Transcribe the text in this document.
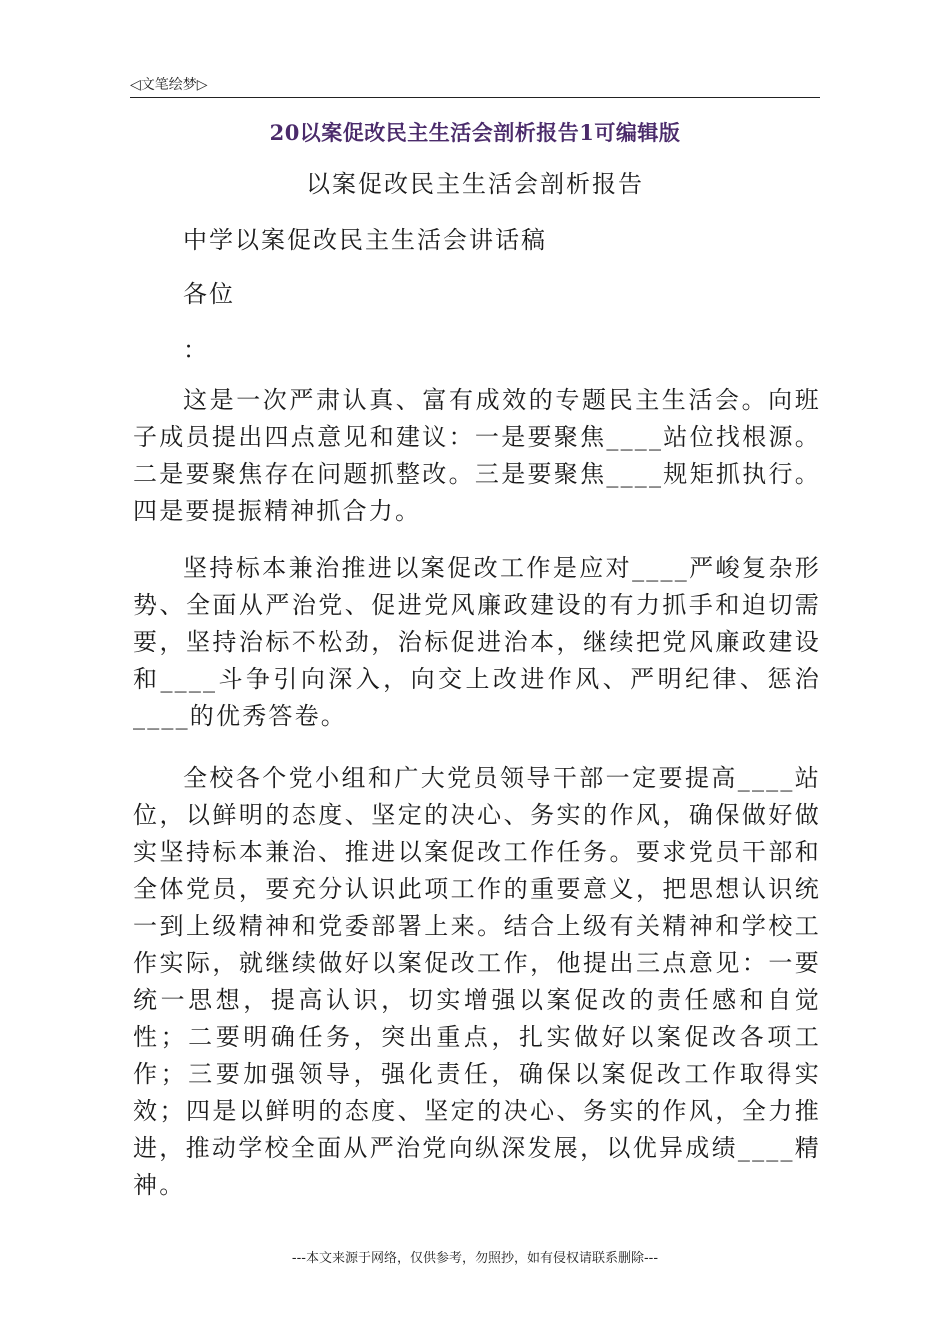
◁文笔绘梦▷
20以案促改民主生活会剖析报告1可编辑版
以案促改民主生活会剖析报告
中学以案促改民主生活会讲话稿
各位
：
这是一次严肃认真、富有成效的专题民主生活会。向班子成员提出四点意见和建议：一是要聚焦____站位找根源。二是要聚焦存在问题抓整改。三是要聚焦____规矩抓执行。四是要提振精神抓合力。
坚持标本兼治推进以案促改工作是应对____严峻复杂形势、全面从严治党、促进党风廉政建设的有力抓手和迫切需要，坚持治标不松劲，治标促进治本，继续把党风廉政建设和____斗争引向深入，向交上改进作风、严明纪律、惩治____的优秀答卷。
全校各个党小组和广大党员领导干部一定要提高____站位，以鲜明的态度、坚定的决心、务实的作风，确保做好做实坚持标本兼治、推进以案促改工作任务。要求党员干部和全体党员，要充分认识此项工作的重要意义，把思想认识统一到上级精神和党委部署上来。结合上级有关精神和学校工作实际，就继续做好以案促改工作，他提出三点意见：一要统一思想，提高认识，切实增强以案促改的责任感和自觉性；二要明确任务，突出重点，扎实做好以案促改各项工作；三要加强领导，强化责任，确保以案促改工作取得实效；四是以鲜明的态度、坚定的决心、务实的作风，全力推进，推动学校全面从严治党向纵深发展，以优异成绩____精神。
---本文来源于网络，仅供参考，勿照抄，如有侵权请联系删除---
